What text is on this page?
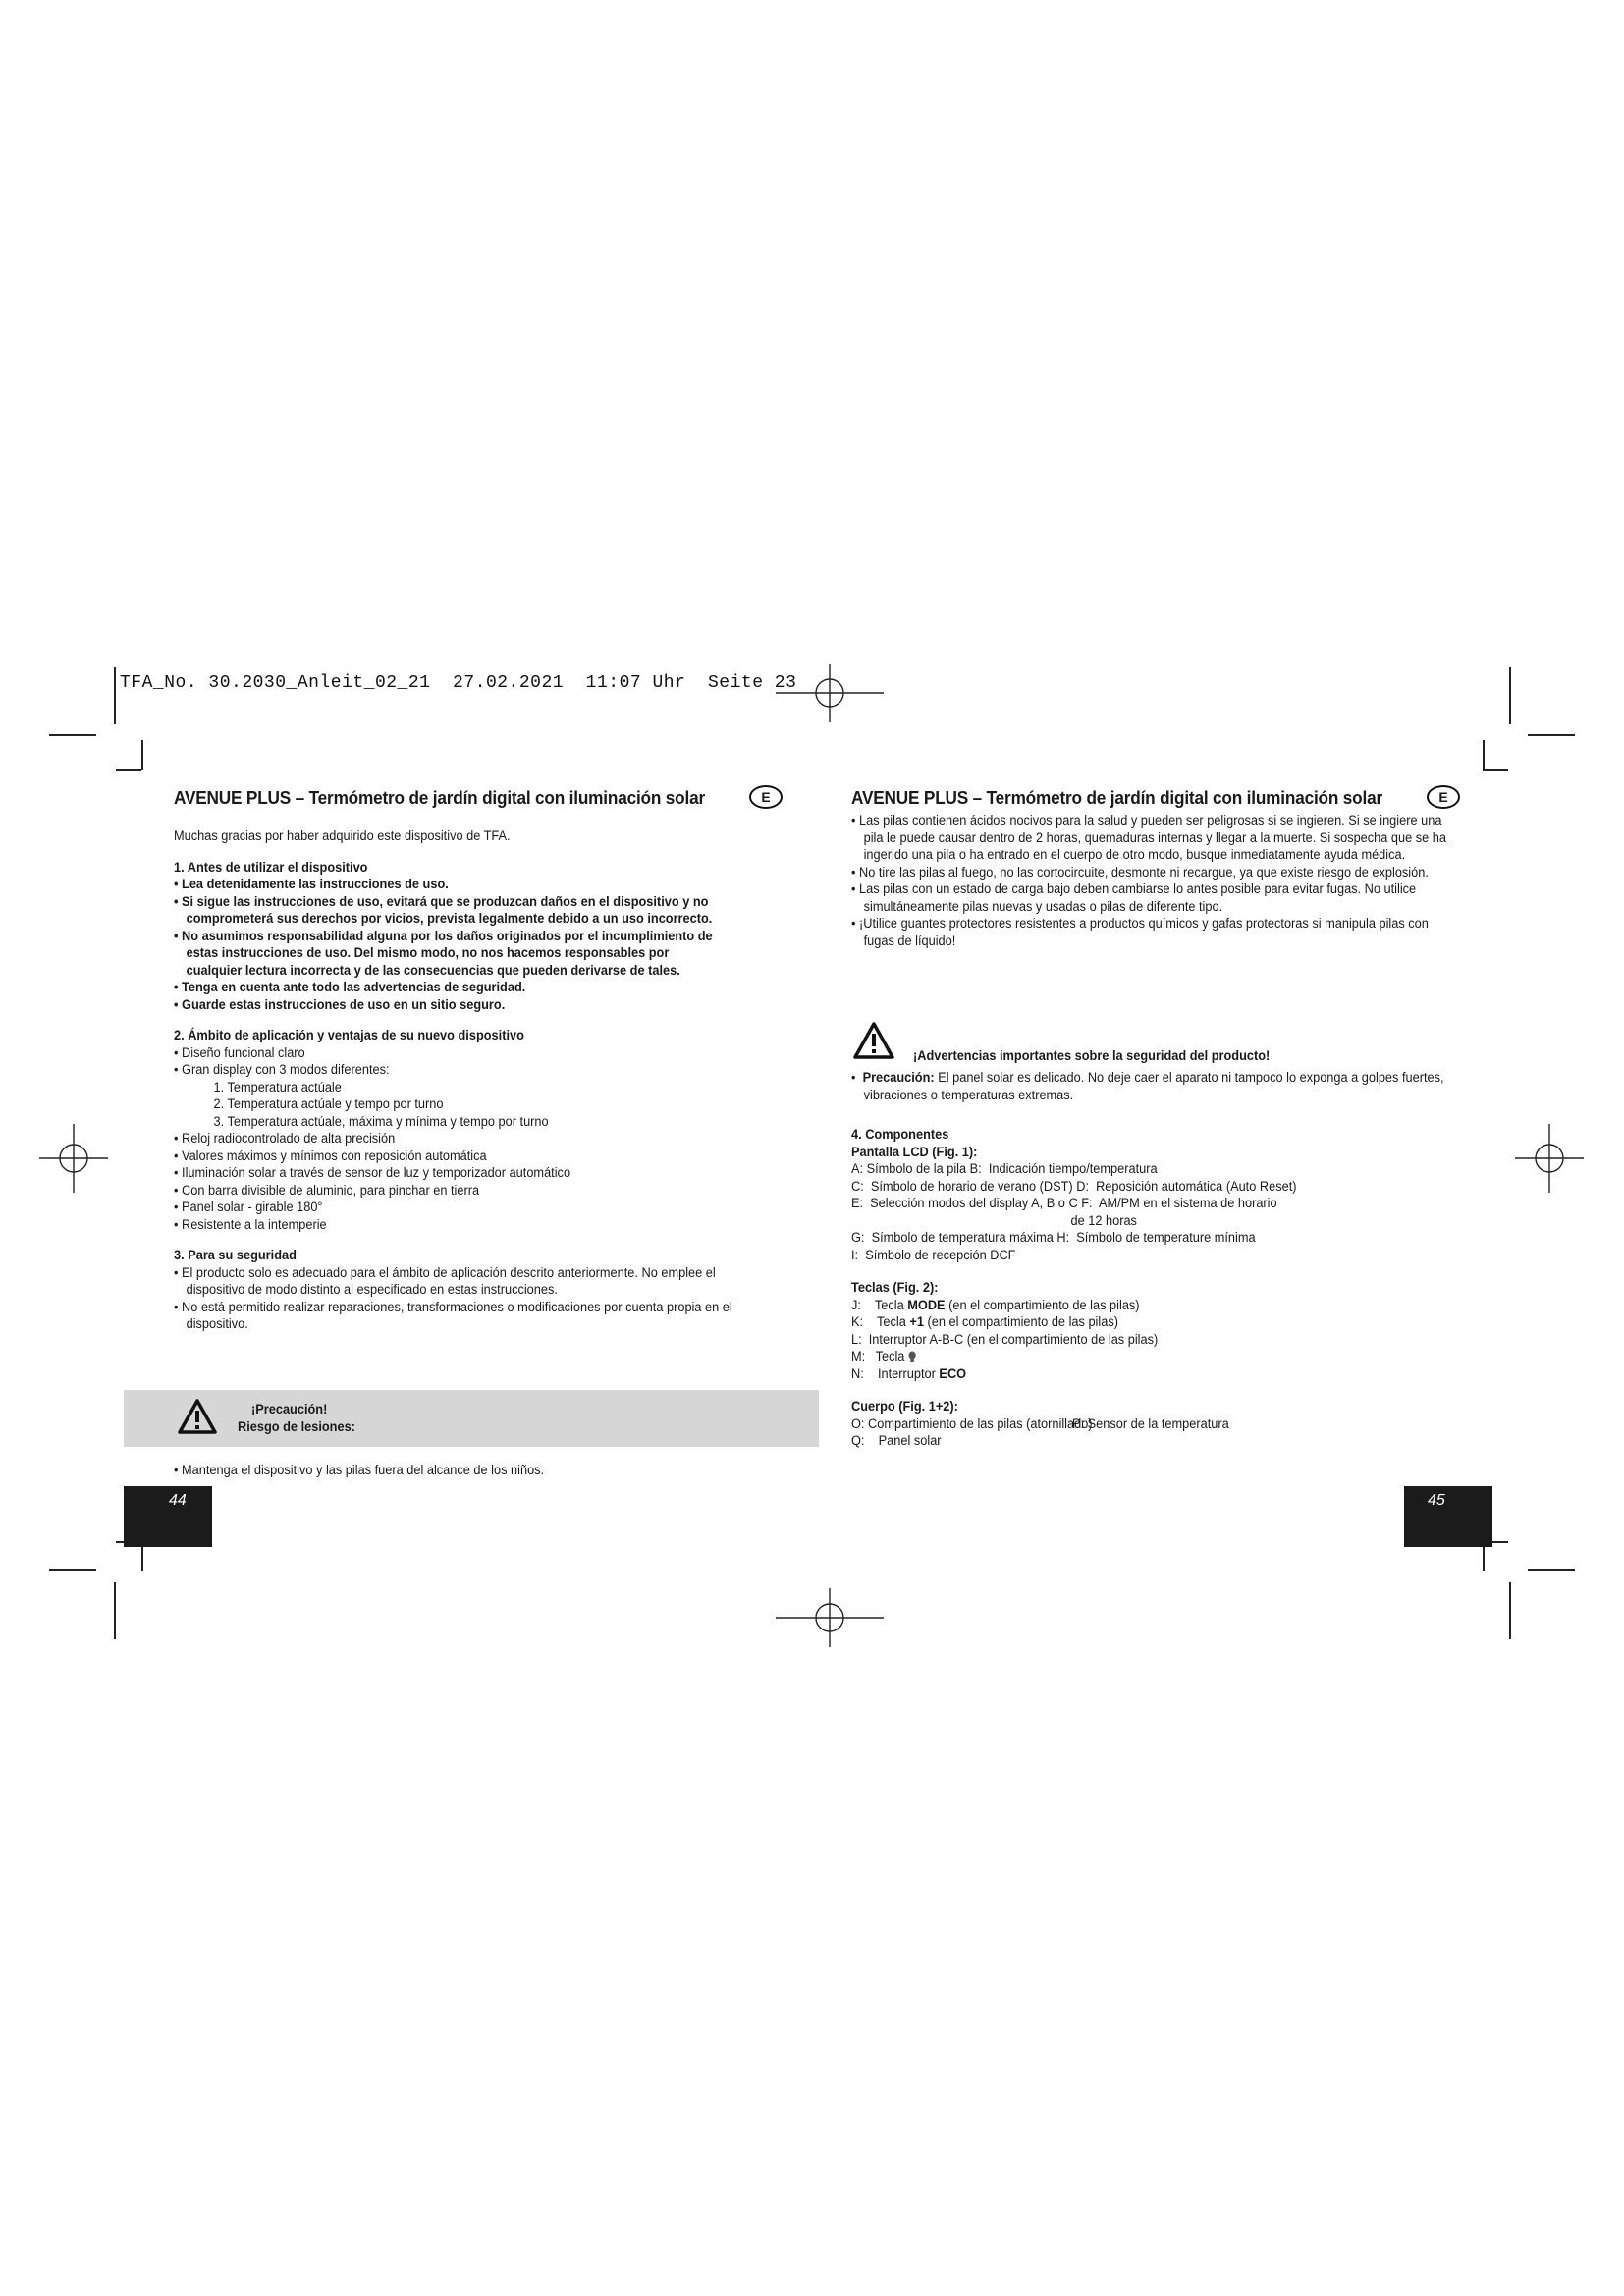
TFA_No. 30.2030_Anleit_02_21  27.02.2021  11:07 Uhr  Seite 23
AVENUE PLUS – Termómetro de jardín digital con iluminación solar	E
Muchas gracias por haber adquirido este dispositivo de TFA.
1. Antes de utilizar el dispositivo
• Lea detenidamente las instrucciones de uso.
• Si sigue las instrucciones de uso, evitará que se produzcan daños en el dispositivo y no comprometerá sus derechos por vicios, prevista legalmente debido a un uso incorrecto.
• No asumimos responsabilidad alguna por los daños originados por el incumplimiento de estas instrucciones de uso. Del mismo modo, no nos hacemos responsables por cualquier lectura incorrecta y de las consecuencias que pueden derivarse de tales.
• Tenga en cuenta ante todo las advertencias de seguridad.
• Guarde estas instrucciones de uso en un sitio seguro.
2. Ámbito de aplicación y ventajas de su nuevo dispositivo
• Diseño funcional claro
• Gran display con 3 modos diferentes:
1. Temperatura actúale
2. Temperatura actúale y tempo por turno
3. Temperatura actúale, máxima y mínima y tempo por turno
• Reloj radiocontrolado de alta precisión
• Valores máximos y mínimos con reposición automática
• Iluminación solar a través de sensor de luz y temporizador automático
• Con barra divisible de aluminio, para pinchar en tierra
• Panel solar - girable 180°
• Resistente a la intemperie
3. Para su seguridad
• El producto solo es adecuado para el ámbito de aplicación descrito anteriormente. No emplee el dispositivo de modo distinto al especificado en estas instrucciones.
• No está permitido realizar reparaciones, transformaciones o modificaciones por cuenta propia en el dispositivo.
¡Precaución!
Riesgo de lesiones:
• Mantenga el dispositivo y las pilas fuera del alcance de los niños.
44
AVENUE PLUS – Termómetro de jardín digital con iluminación solar	E
• Las pilas contienen ácidos nocivos para la salud y pueden ser peligrosas si se ingieren. Si se ingiere una pila le puede causar dentro de 2 horas, quemaduras internas y llegar a la muerte. Si sospecha que se ha ingerido una pila o ha entrado en el cuerpo de otro modo, busque inmediatamente ayuda médica.
• No tire las pilas al fuego, no las cortocircuite, desmonte ni recargue, ya que existe riesgo de explosión.
• Las pilas con un estado de carga bajo deben cambiarse lo antes posible para evitar fugas. No utilice simultáneamente pilas nuevas y usadas o pilas de diferente tipo.
• ¡Utilice guantes protectores resistentes a productos químicos y gafas protectoras si manipula pilas con fugas de líquido!
¡Advertencias importantes sobre la seguridad del producto!
•  Precaución: El panel solar es delicado. No deje caer el aparato ni tampoco lo exponga a golpes fuertes, vibraciones o temperaturas extremas.
4. Componentes
Pantalla LCD (Fig. 1):
A: Símbolo de la pila B:  Indicación tiempo/temperatura
C:  Símbolo de horario de verano (DST) D:  Reposición automática (Auto Reset)
E:  Selección modos del display A, B o C F:  AM/PM en el sistema de horario
de 12 horas
G:  Símbolo de temperatura máxima H:  Símbolo de temperature mínima
I:  Símbolo de recepción DCF
Teclas (Fig. 2):
J:    Tecla MODE (en el compartimiento de las pilas)
K:    Tecla +1 (en el compartimiento de las pilas)
L:  Interruptor A-B-C (en el compartimiento de las pilas)
M:   Tecla
N:    Interruptor ECO
Cuerpo (Fig. 1+2):
O: Compartimiento de las pilas (atornillado)
P: Sensor de la temperatura
Q:    Panel solar
45
